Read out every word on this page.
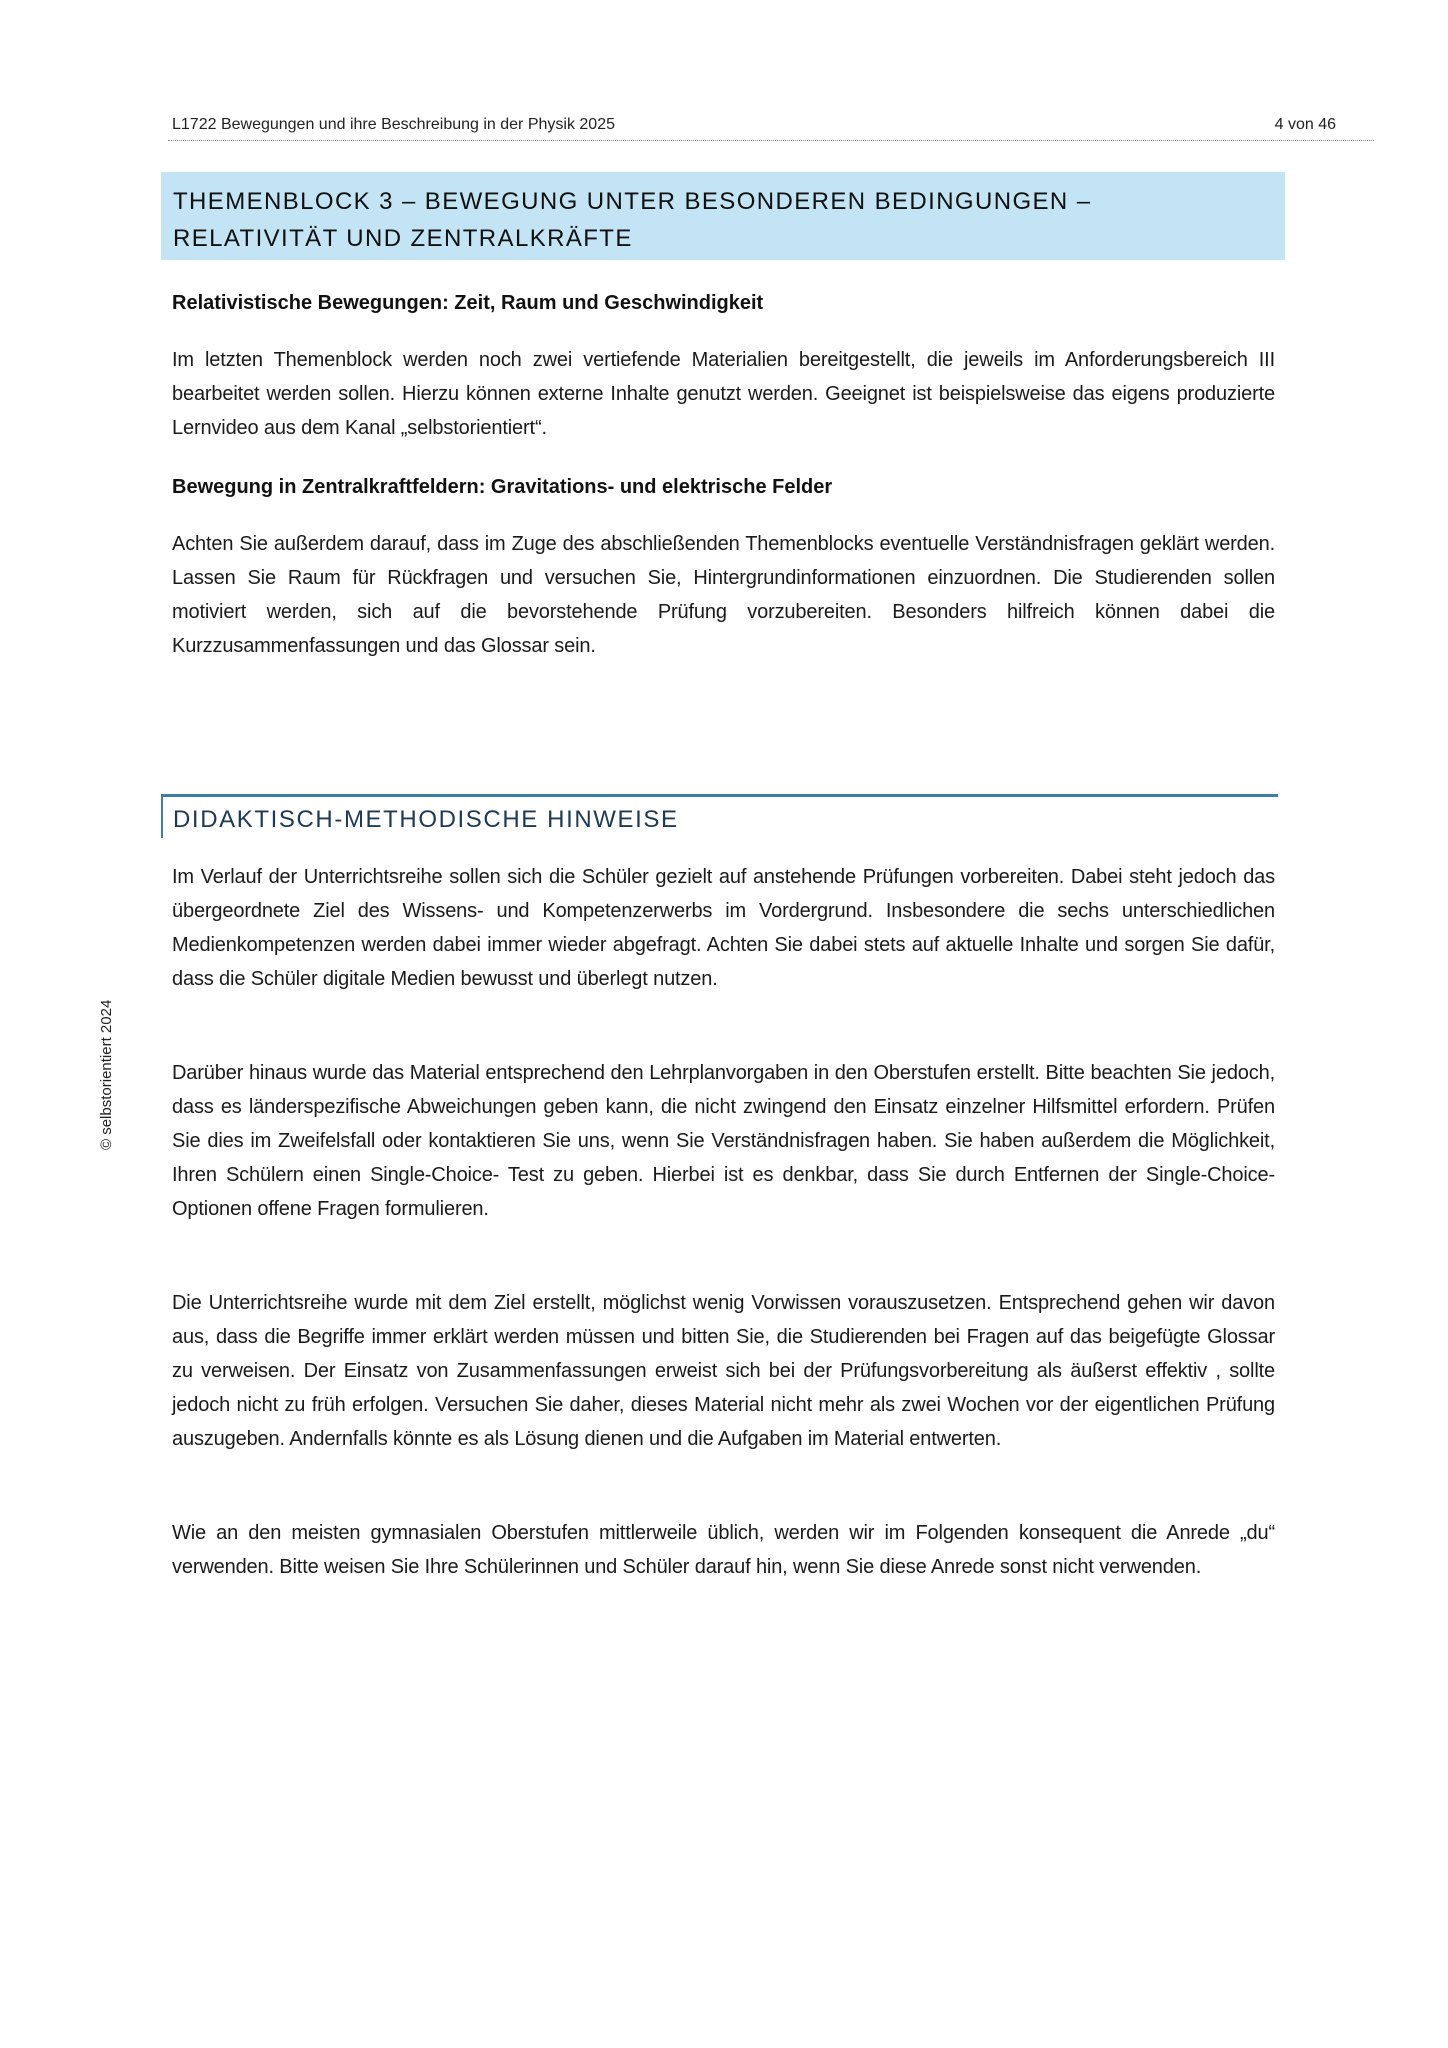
L1722 Bewegungen und ihre Beschreibung in der Physik 2025	4 von 46
© selbstorientiert 2024
THEMENBLOCK 3 – BEWEGUNG UNTER BESONDEREN BEDINGUNGEN –
RELATIVITÄT UND ZENTRALKRÄFTE
Relativistische Bewegungen: Zeit, Raum und Geschwindigkeit

Im letzten Themenblock werden noch zwei vertiefende Materialien bereitgestellt, die jeweils im Anforderungsbereich III bearbeitet werden sollen. Hierzu können externe Inhalte genutzt werden. Geeignet ist beispielsweise das eigens produzierte Lernvideo aus dem Kanal „selbstorientiert“.

Bewegung in Zentralkraftfeldern: Gravitations- und elektrische Felder

Achten Sie außerdem darauf, dass im Zuge des abschließenden Themenblocks eventuelle Verständnisfragen geklärt werden. Lassen Sie Raum für Rückfragen und versuchen Sie, Hintergrundinformationen einzuordnen. Die Studierenden sollen motiviert werden, sich auf die bevorstehende Prüfung vorzubereiten. Besonders hilfreich können dabei die Kurzzusammenfassungen und das Glossar sein.

DIDAKTISCH-METHODISCHE HINWEISE

Im Verlauf der Unterrichtsreihe sollen sich die Schüler gezielt auf anstehende Prüfungen vorbereiten. Dabei steht jedoch das übergeordnete Ziel des Wissens- und Kompetenzerwerbs im Vordergrund. Insbesondere die sechs unterschiedlichen Medienkompetenzen werden dabei immer wieder abgefragt. Achten Sie dabei stets auf aktuelle Inhalte und sorgen Sie dafür, dass die Schüler digitale Medien bewusst und überlegt nutzen.

Darüber hinaus wurde das Material entsprechend den Lehrplanvorgaben in den Oberstufen erstellt. Bitte beachten Sie jedoch, dass es länderspezifische Abweichungen geben kann, die nicht zwingend den Einsatz einzelner Hilfsmittel erfordern. Prüfen Sie dies im Zweifelsfall oder kontaktieren Sie uns, wenn Sie Verständnisfragen haben. Sie haben außerdem die Möglichkeit, Ihren Schülern einen Single-Choice- Test zu geben. Hierbei ist es denkbar, dass Sie durch Entfernen der Single-Choice-Optionen offene Fragen formulieren.

Die Unterrichtsreihe wurde mit dem Ziel erstellt, möglichst wenig Vorwissen vorauszusetzen. Entsprechend gehen wir davon aus, dass die Begriffe immer erklärt werden müssen und bitten Sie, die Studierenden bei Fragen auf das beigefügte Glossar zu verweisen. Der Einsatz von Zusammenfassungen erweist sich bei der Prüfungsvorbereitung als äußerst effektiv , sollte jedoch nicht zu früh erfolgen. Versuchen Sie daher, dieses Material nicht mehr als zwei Wochen vor der eigentlichen Prüfung auszugeben. Andernfalls könnte es als Lösung dienen und die Aufgaben im Material entwerten.

Wie an den meisten gymnasialen Oberstufen mittlerweile üblich, werden wir im Folgenden konsequent die Anrede „du“ verwenden. Bitte weisen Sie Ihre Schülerinnen und Schüler darauf hin, wenn Sie diese Anrede sonst nicht verwenden.
